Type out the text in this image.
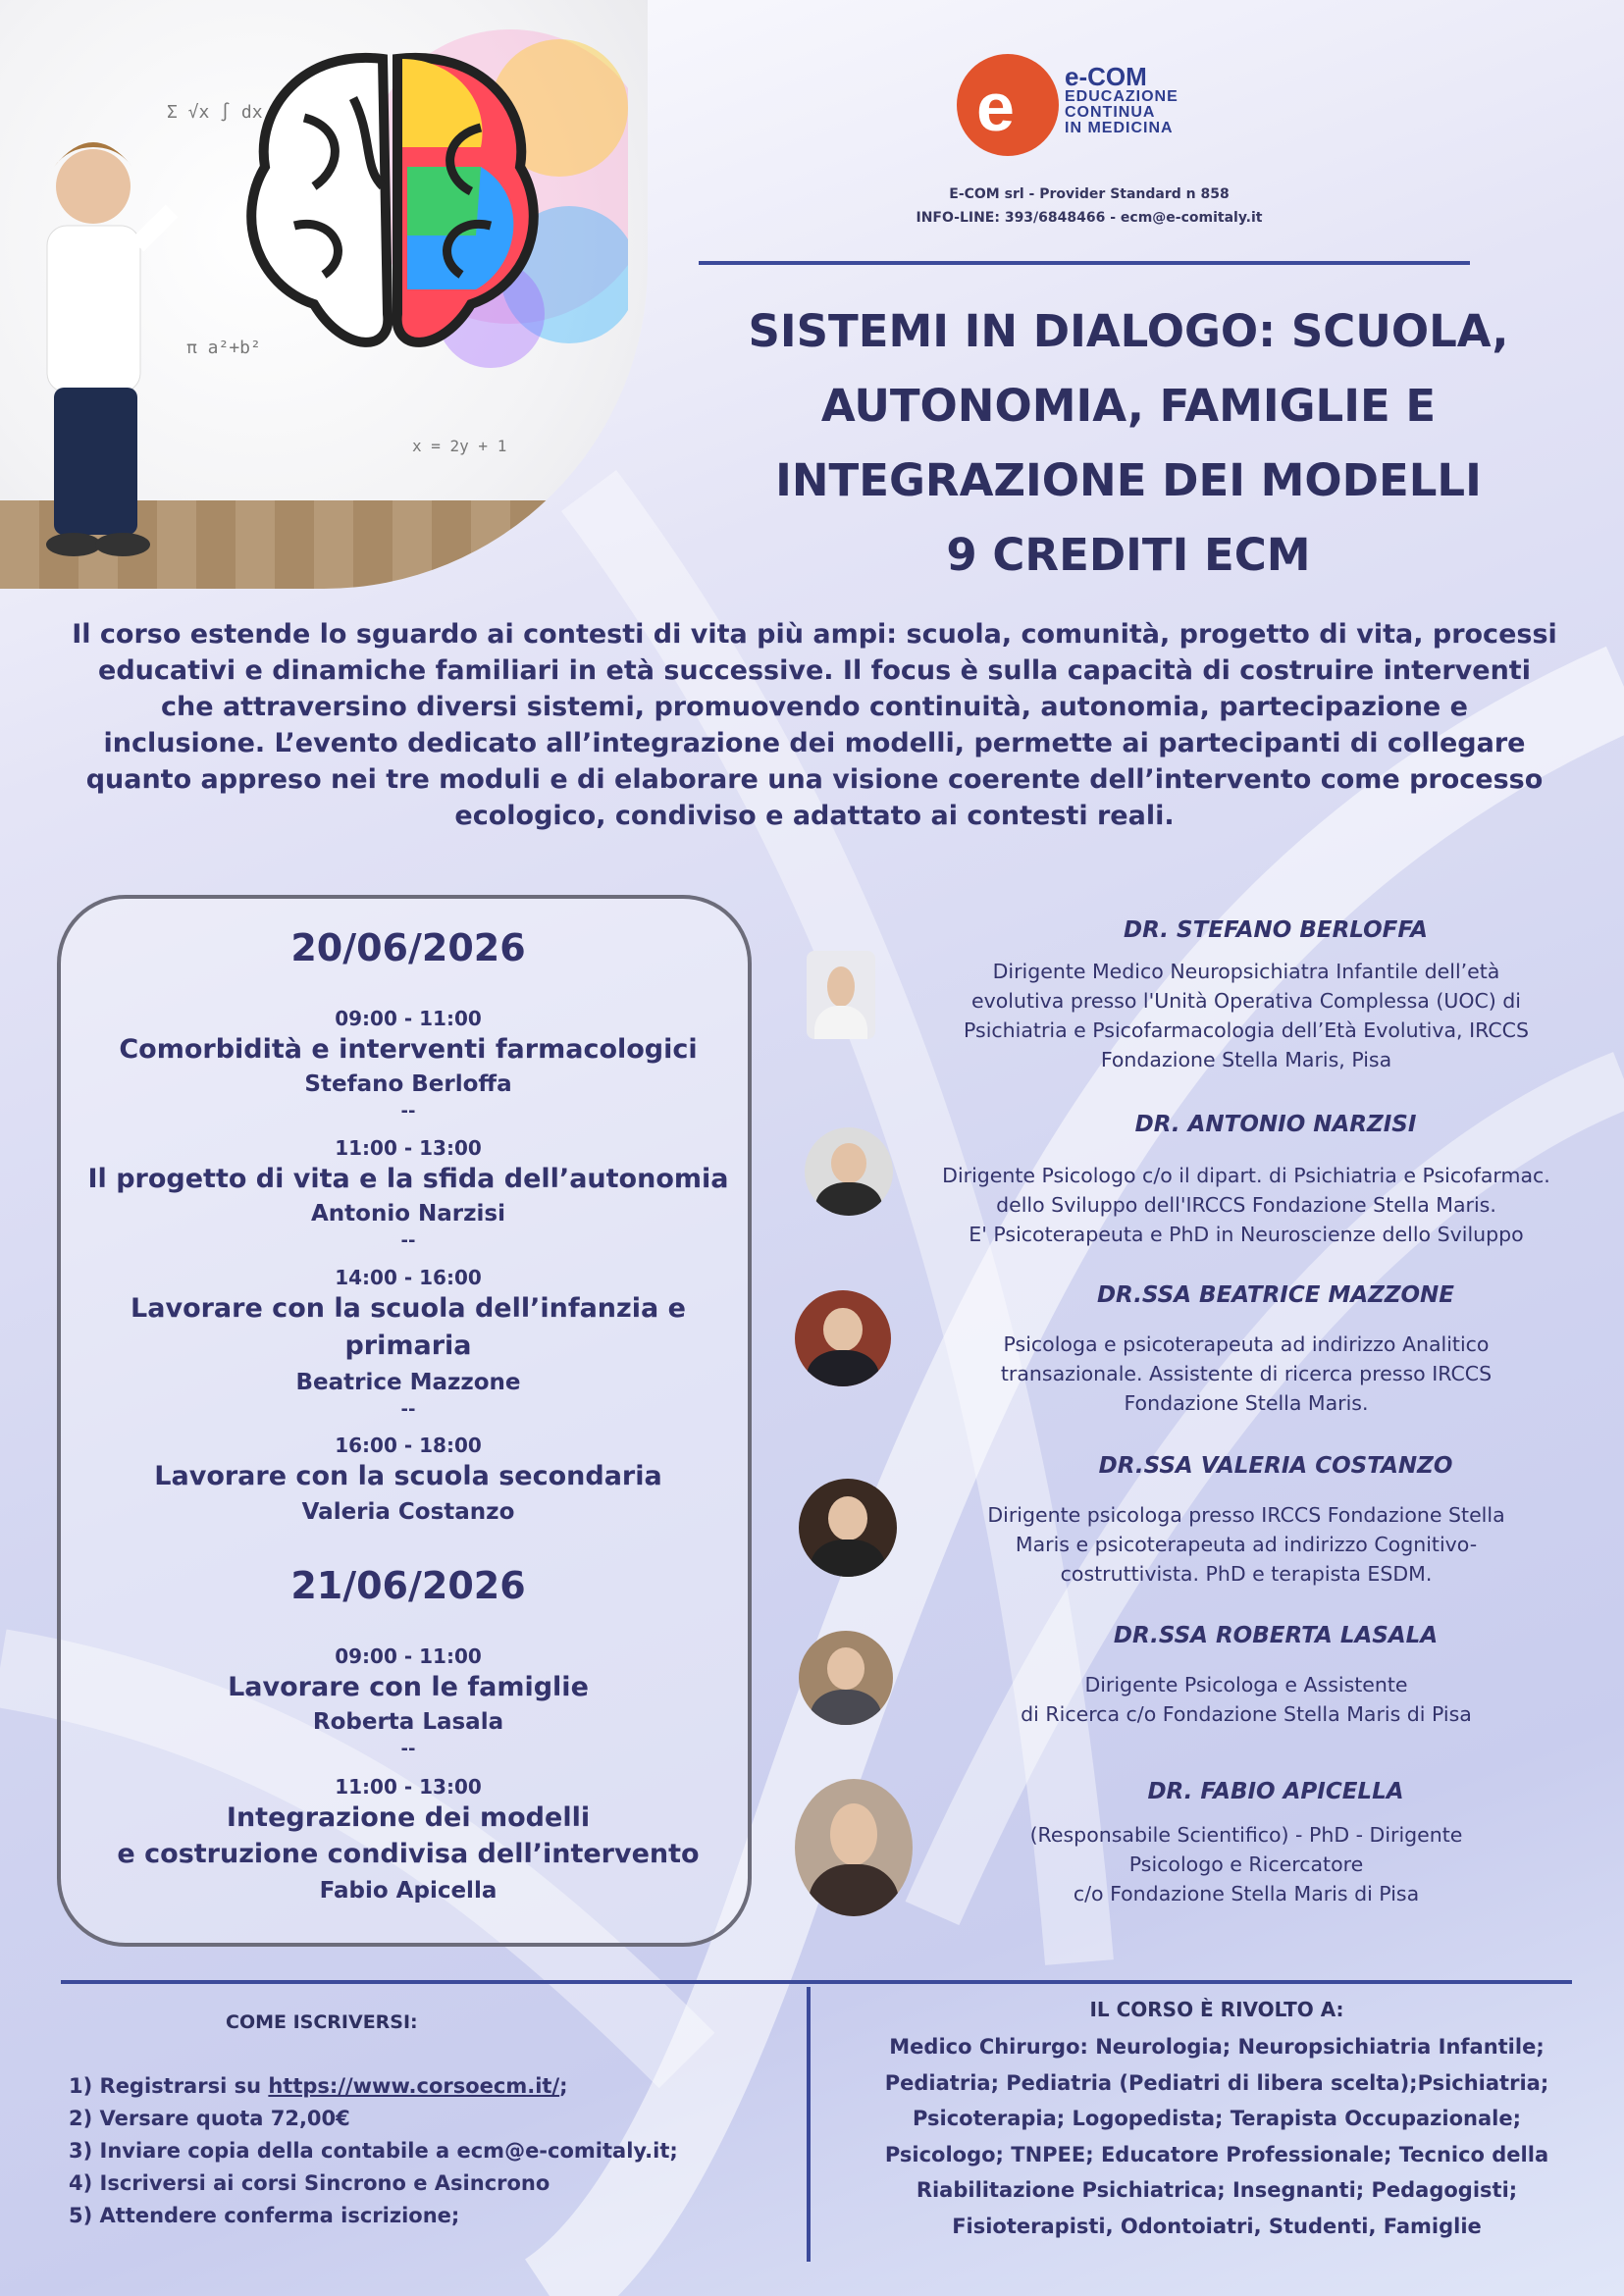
Σ √x ∫ dx
π a²+b²
x = 2y + 1
e e-COM
EDUCAZIONE
CONTINUA
IN MEDICINA
E-COM srl - Provider Standard n 858
INFO-LINE: 393/6848466 - ecm@e-comitaly.it
SISTEMI IN DIALOGO: SCUOLA,
AUTONOMIA, FAMIGLIE E
INTEGRAZIONE DEI MODELLI
9 CREDITI ECM
Il corso estende lo sguardo ai contesti di vita più ampi: scuola, comunità, progetto di vita, processi
educativi e dinamiche familiari in età successive. Il focus è sulla capacità di costruire interventi
che attraversino diversi sistemi, promuovendo continuità, autonomia, partecipazione e
inclusione. L’evento dedicato all’integrazione dei modelli, permette ai partecipanti di collegare
quanto appreso nei tre moduli e di elaborare una visione coerente dell’intervento come processo
ecologico, condiviso e adattato ai contesti reali.
20/06/2026
09:00 - 11:00
Comorbidità e interventi farmacologici
Stefano Berloffa
--
11:00 - 13:00
Il progetto di vita e la sfida dell’autonomia
Antonio Narzisi
--
14:00 - 16:00
Lavorare con la scuola dell’infanzia e
primaria
Beatrice Mazzone
--
16:00 - 18:00
Lavorare con la scuola secondaria
Valeria Costanzo
21/06/2026
09:00 - 11:00
Lavorare con le famiglie
Roberta Lasala
--
11:00 - 13:00
Integrazione dei modelli
e costruzione condivisa dell’intervento
Fabio Apicella
DR. STEFANO BERLOFFA
Dirigente Medico Neuropsichiatra Infantile dell’età
evolutiva presso l'Unità Operativa Complessa (UOC) di
Psichiatria e Psicofarmacologia dell’Età Evolutiva, IRCCS
Fondazione Stella Maris, Pisa
DR. ANTONIO NARZISI
Dirigente Psicologo c/o il dipart. di Psichiatria e Psicofarmac.
dello Sviluppo dell'IRCCS Fondazione Stella Maris.
E' Psicoterapeuta e PhD in Neuroscienze dello Sviluppo
DR.SSA BEATRICE MAZZONE
Psicologa e psicoterapeuta ad indirizzo Analitico
transazionale. Assistente di ricerca presso IRCCS
Fondazione Stella Maris.
DR.SSA VALERIA COSTANZO
Dirigente psicologa presso IRCCS Fondazione Stella
Maris e psicoterapeuta ad indirizzo Cognitivo-
costruttivista. PhD e terapista ESDM.
DR.SSA ROBERTA LASALA
Dirigente Psicologa e Assistente
di Ricerca c/o Fondazione Stella Maris di Pisa
DR. FABIO APICELLA
(Responsabile Scientifico) - PhD - Dirigente
Psicologo e Ricercatore
c/o Fondazione Stella Maris di Pisa
COME ISCRIVERSI:
1) Registrarsi su https://www.corsoecm.it/;
2) Versare quota 72,00€
3) Inviare copia della contabile a ecm@e-comitaly.it;
4) Iscriversi ai corsi Sincrono e Asincrono
5) Attendere conferma iscrizione;
IL CORSO È RIVOLTO A:
Medico Chirurgo: Neurologia; Neuropsichiatria Infantile;
Pediatria; Pediatria (Pediatri di libera scelta);Psichiatria;
Psicoterapia; Logopedista; Terapista Occupazionale;
Psicologo; TNPEE; Educatore Professionale; Tecnico della
Riabilitazione Psichiatrica; Insegnanti; Pedagogisti;
Fisioterapisti, Odontoiatri, Studenti, Famiglie
